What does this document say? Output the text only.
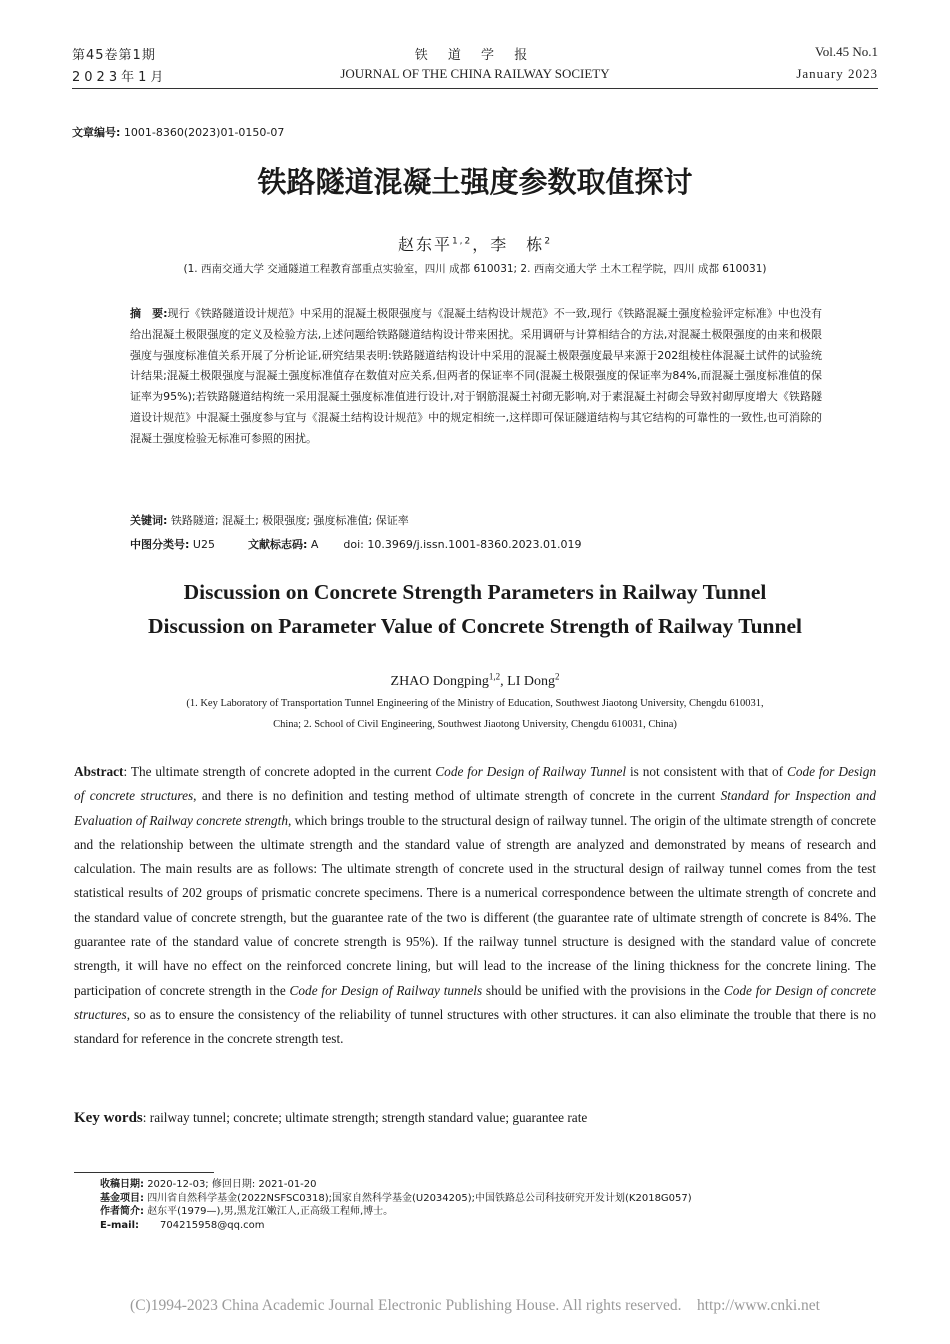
第45卷第1期
2023年1月
铁 道 学 报
JOURNAL OF THE CHINA RAILWAY SOCIETY
Vol.45 No.1
January 2023
文章编号: 1001-8360(2023)01-0150-07
铁路隧道混凝土强度参数取值探讨
赵东平$^{1,2}$，李　栋$^2$
(1. 西南交通大学 交通隧道工程教育部重点实验室，四川 成都 610031; 2. 西南交通大学 土木工程学院，四川 成都 610031)
摘　要:现行《铁路隧道设计规范》中采用的混凝土极限强度与《混凝土结构设计规范》不一致,现行《铁路混凝土强度检验评定标准》中也没有给出混凝土极限强度的定义及检验方法,上述问题给铁路隧道结构设计带来困扰。采用调研与计算相结合的方法,对混凝土极限强度的由来和极限强度与强度标准值关系开展了分析论证,研究结果表明:铁路隧道结构设计中采用的混凝土极限强度最早来源于202组棱柱体混凝土试件的试验统计结果;混凝土极限强度与混凝土强度标准值存在数值对应关系,但两者的保证率不同(混凝土极限强度的保证率为84%,而混凝土强度标准值的保证率为95%);若铁路隧道结构统一采用混凝土强度标准值进行设计,对于钢筋混凝土衬砌无影响,对于素混凝土衬砌会导致衬砌厚度增大《铁路隧道设计规范》中混凝土强度参与宜与《混凝土结构设计规范》中的规定相统一,这样即可保证隧道结构与其它结构的可靠性的一致性,也可消除的混凝土强度检验无标准可参照的困扰。
关键词: 铁路隧道; 混凝土; 极限强度; 强度标准值; 保证率
中图分类号: U25	文献标志码: A doi: 10.3969/j.issn.1001-8360.2023.01.019
Discussion on Concrete Strength Parameters in Railway Tunnel
Discussion on Parameter Value of Concrete Strength of Railway Tunnel
ZHAO Dongping$^{1,2}$, LI Dong$^2$
(1. Key Laboratory of Transportation Tunnel Engineering of the Ministry of Education, Southwest Jiaotong University, Chengdu 610031,
China; 2. School of Civil Engineering, Southwest Jiaotong University, Chengdu 610031, China)
Abstract: The ultimate strength of concrete adopted in the current Code for Design of Railway Tunnel is not consistent with that of Code for Design of concrete structures, and there is no definition and testing method of ultimate strength of concrete in the current Standard for Inspection and Evaluation of Railway concrete strength, which brings trouble to the structural design of railway tunnel. The origin of the ultimate strength of concrete and the relationship between the ultimate strength and the standard value of strength are analyzed and demonstrated by means of research and calculation. The main results are as follows: The ultimate strength of concrete used in the structural design of railway tunnel comes from the test statistical results of 202 groups of prismatic concrete specimens. There is a numerical correspondence between the ultimate strength of concrete and the standard value of concrete strength, but the guarantee rate of the two is different (the guarantee rate of ultimate strength of concrete is 84%. The guarantee rate of the standard value of concrete strength is 95%). If the railway tunnel structure is designed with the standard value of concrete strength, it will have no effect on the reinforced concrete lining, but will lead to the increase of the lining thickness for the concrete lining. The participation of concrete strength in the Code for Design of Railway tunnels should be unified with the provisions in the Code for Design of concrete structures, so as to ensure the consistency of the reliability of tunnel structures with other structures. it can also eliminate the trouble that there is no standard for reference in the concrete strength test.
Key words: railway tunnel; concrete; ultimate strength; strength standard value; guarantee rate
收稿日期: 2020-12-03; 修回日期: 2021-01-20
基金项目: 四川省自然科学基金(2022NSFSC0318);国家自然科学基金(U2034205);中国铁路总公司科技研究开发计划(K2018G057)
作者简介: 赵东平(1979—),男,黑龙江嫩江人,正高级工程师,博士。
E-mail: 704215958@qq.com
(C)1994-2023 China Academic Journal Electronic Publishing House. All rights reserved.    http://www.cnki.net
